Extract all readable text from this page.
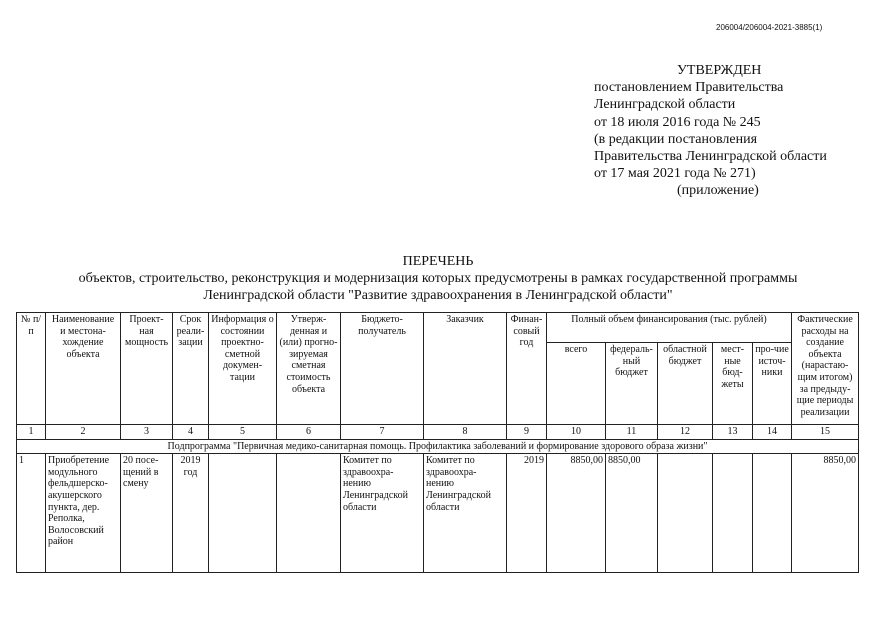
206004/206004-2021-3885(1)
УТВЕРЖДЕН
постановлением Правительства
Ленинградской области
от 18 июля 2016 года № 245
(в редакции постановления
Правительства Ленинградской области
от 17 мая 2021 года № 271)
(приложение)
ПЕРЕЧЕНЬ
объектов, строительство, реконструкция и модернизация которых предусмотрены в рамках государственной программы
Ленинградской области "Развитие здравоохранения в Ленинградской области"
№ п/п	Наименование и местона-хождение объекта	Проект-ная мощность	Срок реали-зации	Информация о состоянии проектно-сметной докумен-тации	Утверж-денная и (или) прогно-зируемая сметная стоимость объекта	Бюджето-получатель	Заказчик	Финан-совый год	Полный объем финансирования (тыс. рублей)					Фактические расходы на создание объекта (нарастаю-щим итогом) за предыду-щие периоды реализации
									всего	федераль-ный бюджет	областной бюджет	мест-ные бюд-жеты	про-чие источ-ники	
1	2	3	4	5	6	7	8	9	10	11	12	13	14	15
Подпрограмма "Первичная медико-санитарная помощь. Профилактика заболеваний и формирование здорового образа жизни"														
1	Приобретение модульного фельдшерско-акушерского пункта, дер. Реполка, Волосовский район	20 посе-щений в смену	2019 год			Комитет по здравоохра-нению Ленинградской области	Комитет по здравоохра-нению Ленинградской области	2019	8850,00	8850,00				8850,00
